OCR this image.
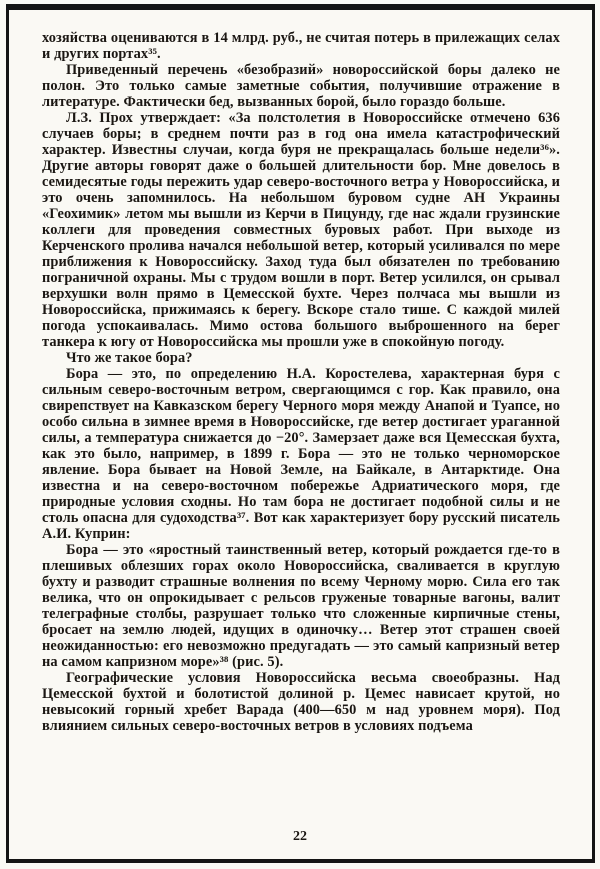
хозяйства оцениваются в 14 млрд. руб., не считая потерь в прилежащих селах и других портах³⁵.

Приведенный перечень «безобразий» новороссийской боры далеко не полон. Это только самые заметные события, получившие отражение в литературе. Фактически бед, вызванных борой, было гораздо больше.

Л.З. Прох утверждает: «За полстолетия в Новороссийске отмечено 636 случаев боры; в среднем почти раз в год она имела катастрофический характер. Известны случаи, когда буря не прекращалась больше недели³⁶». Другие авторы говорят даже о большей длительности бор. Мне довелось в семидесятые годы пережить удар северо-восточного ветра у Новороссийска, и это очень запомнилось. На небольшом буровом судне АН Украины «Геохимик» летом мы вышли из Керчи в Пицунду, где нас ждали грузинские коллеги для проведения совместных буровых работ. При выходе из Керченского пролива начался небольшой ветер, который усиливался по мере приближения к Новороссийску. Заход туда был обязателен по требованию пограничной охраны. Мы с трудом вошли в порт. Ветер усилился, он срывал верхушки волн прямо в Цемесской бухте. Через полчаса мы вышли из Новороссийска, прижимаясь к берегу. Вскоре стало тише. С каждой милей погода успокаивалась. Мимо остова большого выброшенного на берег танкера к югу от Новороссийска мы прошли уже в спокойную погоду.

Что же такое бора?

Бора — это, по определению Н.А. Коростелева, характерная буря с сильным северо-восточным ветром, свергающимся с гор. Как правило, она свирепствует на Кавказском берегу Черного моря между Анапой и Туапсе, но особо сильна в зимнее время в Новороссийске, где ветер достигает ураганной силы, а температура снижается до −20°. Замерзает даже вся Цемесская бухта, как это было, например, в 1899 г. Бора — это не только черноморское явление. Бора бывает на Новой Земле, на Байкале, в Антарктиде. Она известна и на северо-восточном побережье Адриатического моря, где природные условия сходны. Но там бора не достигает подобной силы и не столь опасна для судоходства³⁷. Вот как характеризует бору русский писатель А.И. Куприн:

Бора — это «яростный таинственный ветер, который рождается где-то в плешивых облезших горах около Новороссийска, сваливается в круглую бухту и разводит страшные волнения по всему Черному морю. Сила его так велика, что он опрокидывает с рельсов груженые товарные вагоны, валит телеграфные столбы, разрушает только что сложенные кирпичные стены, бросает на землю людей, идущих в одиночку… Ветер этот страшен своей неожиданностью: его невозможно предугадать — это самый капризный ветер на самом капризном море»³⁸ (рис. 5).

Географические условия Новороссийска весьма своеобразны. Над Цемесской бухтой и болотистой долиной р. Цемес нависает крутой, но невысокий горный хребет Варада (400—650 м над уровнем моря). Под влиянием сильных северо-восточных ветров в условиях подъема

22
